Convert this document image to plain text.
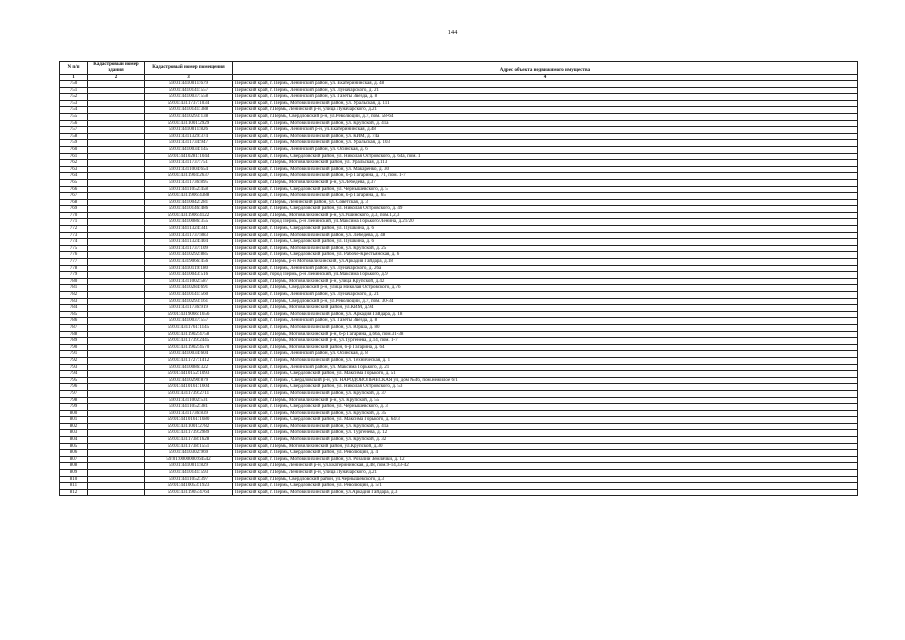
144
N п/п	Кадастровый номер здания	Кадастровый номер помещения	Адрес объекта недвижимого имущества
1	2	3	4
750		59:01:4410011:679	Пермский край, г. Пермь, Ленинский район, ул. Екатерининская, д. 48
751		59:01:4410141:557	Пермский край, г. Пермь, Ленинский район, ул. Луначарского, д. 21
752		59:01:4410037:558	Пермский край, г. Пермь, Ленинский район, ул. Газеты Звезда, д. 8
753		59:01:4311737:1034	Пермский край, г. Пермь, Мотовилихинский район, ул. Уральская, д. 111
754		59:01:4410141:388	Пермский край, г.Пермь, Ленинский р-н, улица Луначарского, д.21
755		59:01:4410293:138	Пермский край, г.Пермь, Свердловский р-н, ул.Революции, д.7, пом. 58-64
756		59:01:4311001:2929	Пермский край, г. Пермь, Мотовилихинский район, ул. Крупской, д. 41а
757		59:01:4410011:826	Пермский край, г. Пермь, Ленинский р-н, ул.Екатерининская, д.48
758		59:01:4311329:374	Пермский край, г. Пермь, Мотовилихинский район, ул. КИМ, д. 74а
759		59:01:4311734:947	Пермский край, г. Пермь, Мотовилихинский район, ул. Уральская, д. 103
760		59:01:4410034:145	Пермский край, г. Пермь, Ленинский район, ул. Осинская, д. 6
761		59:01:4410281:1044	Пермский край, г. Пермь, Свердловский район, ул. Николая Островского, д. 64а, пом. 1
762		59:01:4311737:751	Пермский край, г.Пермь, Мотовилихинский район, ул. Уральская, д.113
763		59:01:4311004:654	Пермский край, г. Пермь, Мотовилихинский район, ул. Макаренко, д. 30
764		59:01:4311904:2637	Пермский край, г. Пермь, Мотовилихинский район, б-р Гагарина, д. 71, пом. 1-7
765		59:01:4311736:895	Пермский край, г.Пермь, Мотовилихинский р-н, ул.Лебедева, д.37
766		59:01:4411052:458	Пермский край, г. Пермь, Свердловский район, ул. Чернышевского, д. 5
767		59:01:4311906:4388	Пермский край, г. Пермь, Мотовилихинский район, б-р Гагарина, д. 65
768		59:01:4410042:281	Пермский край, г.Пермь, Ленинский район, ул. Советская, д. 3
769		59:01:4410146:486	Пермский край, г. Пермь, Свердловский район, ул. Николая Островского, д. 49
770		59:01:4311906:4122	Пермский край, г.Пермь, Мотовилихинский р-н, ул.Ушинского, д.3, пом.1,2,3
771		59:01:4410086:355	Пермский край, город Пермь, р-н Ленинский, ул.Максима Горького/Ленина, д.21/20
772		59:01:4411324:341	Пермский край, г. Пермь, Свердловский район, ул. Пушкина, д. 6
773		59:01:4311737:883	Пермский край, г. Пермь, Мотовилихинский район, ул. Лебедева, д. 48
774		59:01:4411324:404	Пермский край, г. Пермь, Свердловский район, ул. Пушкина, д. 6
775		59:01:4311737:109	Пермский край, г. Пермь, Мотовилихинский район, ул. Крупской, д. 25
776		59:01:4410292:885	Пермский край, г. Пермь, Свердловский район, ул. Рабоче-Крестьянская, д. 6
777		59:01:4319066:456	Пермский край, г.Пермь, р-н Мотовилихинский, ул.Аркадия Гайдара, д.18
778		59:01:4410119:180	Пермский край, г. Пермь, Ленинский район, ул. Луначарского, д. 26а
779		59:01:4410043:516	Пермский край, город Пермь, р-н Ленинский, ул.Максима Горького, д.9
780		59:01:4311002:587	Пермский край, г.Пермь, Мотовилихинский р-н, улица Крупской, д.42
781		59:01:4410284:691	Пермский край, г.Пермь, Свердловский р-н, улица Николая Островского, д.7б
782		59:01:4410141:560	Пермский край, г. Пермь, Ленинский район, ул. Луначарского, д. 21
783		59:01:4410293:161	Пермский край, г.Пермь, Свердловский р-н, ул.Революции, д.7, пом. 30-34
784		59:01:4311736:919	Пермский край, г.Пермь, Мотовилихинский район, ул.КИМ, д.94
785		59:01:4319066:1656	Пермский край, г. Пермь, Мотовилихинский район, ул. Аркадия Гайдара, д. 18
786		59:01:4410037:557	Пермский край, г. Пермь, Ленинский район, ул. Газеты Звезда, д. 8
787		59:01:4311761:1145	Пермский край, г. Пермь, Мотовилихинский район, ул. Юрша, д. 80
788		59:01:4311902:4758	Пермский край, г.Пермь, Мотовилихинский р-н, б-р Гагарина, д.66а, пом.31-38
789		59:01:4311739:2445	Пермский край, г.Пермь, Мотовилихинский р-н, ул.Тургенева, д.14, пом. 1-7
790		59:01:4311902:4570	Пермский край, г.Пермь, Мотовилихинский район, б-р Гагарина, д. 64
791		59:01:4410034:604	Пермский край, г. Пермь, Ленинский район, ул. Осинская, д. 8
792		59:01:4311727:1412	Пермский край, г. Пермь, Мотовилихинский район, ул. Техническая, д. 1
793		59:01:4410086:322	Пермский край, г. Пермь, Ленинский район, ул. Максима Горького, д. 21
794		59:01:4410152:1093	Пермский край, г. Пермь, Свердловский район, ул. Максима Горького, д. 51
795		59:01:4410290:879	Пермский край, г. Пермь , Свердловский р-н, ул. НАРОДОВОЛЬЧЕСКАЯ ул, дом №46, пом.нежилое 6/1
796		59:01:4410161:1604	Пермский край, г. Пермь, Свердловский район, ул. Николая Островского, д. 53
797		59:01:4311739:2711	Пермский край, г. Пермь, Мотовилихинский район, ул. Крупской, д. 37
798		59:01:4311002:531	Пермский край, г.Пермь, Мотовилихинский р-н, ул. Крупской, д. 55
799		59:01:4411052:381	Пермский край, г. Пермь, Свердловский район, ул. Чернышевского, д. 3
800		59:01:4311736:839	Пермский край, г. Пермь, Мотовилихинский район, ул. Крупской, д. 35
801		59:01:4410161:1680	Пермский край, г. Пермь, Свердловский район, ул. Максима Горького, д. 64/3
802		59:01:4311001:2782	Пермский край, г. Пермь, Мотовилихинский район, ул. Крупской, д. 41а
803		59:01:4311739:2989	Пермский край, г. Пермь, Мотовилихинский район, ул. Тургенева, д. 12
804		59:01:4311738:1628	Пермский край, г. Пермь, Мотовилихинский район, ул. Крупской, д. 32
805		59:01:4311738:1551	Пермский край, г.Пермь, Мотовилихинский район, ул.Крупской, д.30
806		59:01:4410302:969	Пермский край, г. Пермь, Свердловский район, ул. Революции, д. 4
807		59:01:0000000:64542	Пермский край, г. Пермь, Мотовилихинский район, ул. Розалии Землячки, д. 12
808		59:01:4410011:829	Пермский край, г.Пермь, Ленинский р-н, ул.Екатерининская, д.48, пом.9-14,33-42
809		59:01:4410141:593	Пермский край, г.Пермь, Ленинский р-н, улица Луначарского, д.21
810		59:01:4411052:397	Пермский край, г.Пермь, Свердловский район, ул.Чернышевского, д.3
811		59:01:4410053:1923	Пермский край, г. Пермь, Свердловский район, ул. Революции, д. 5/1
812		59:01:4311905:4764	Пермский край, г. Пермь, Мотовилихинский район, ул.Аркадия Гайдара, д.3
